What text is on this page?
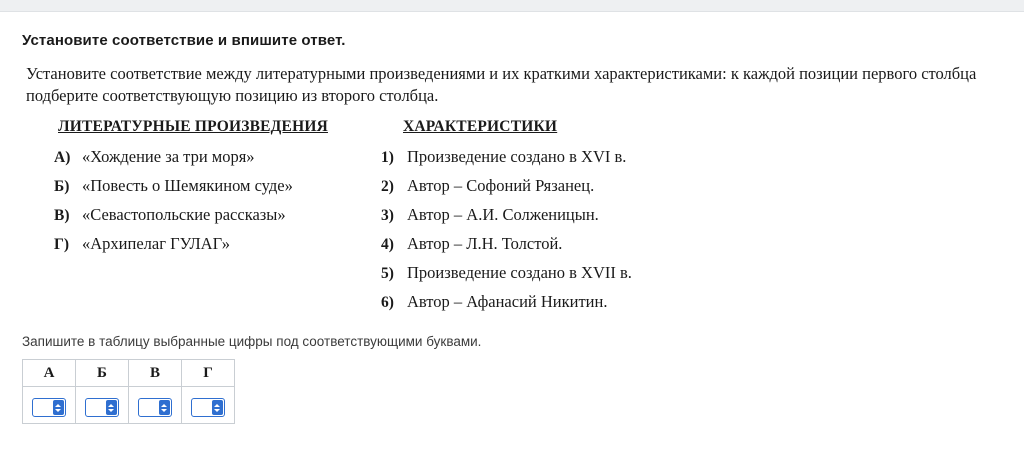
Установите соответствие и впишите ответ.

Установите соответствие между литературными произведениями и их краткими характеристиками: к каждой позиции первого столбца подберите соответствующую позицию из второго столбца.

ЛИТЕРАТУРНЫЕ ПРОИЗВЕДЕНИЯ	ХАРАКТЕРИСТИКИ
А) «Хождение за три моря»
Б) «Повесть о Шемякином суде»
В) «Севастопольские рассказы»
Г) «Архипелаг ГУЛАГ»
1) Произведение создано в XVI в.
2) Автор – Софоний Рязанец.
3) Автор – А.И. Солженицын.
4) Автор – Л.Н. Толстой.
5) Произведение создано в XVII в.
6) Автор – Афанасий Никитин.
Запишите в таблицу выбранные цифры под соответствующими буквами.
А	Б	В	Г
